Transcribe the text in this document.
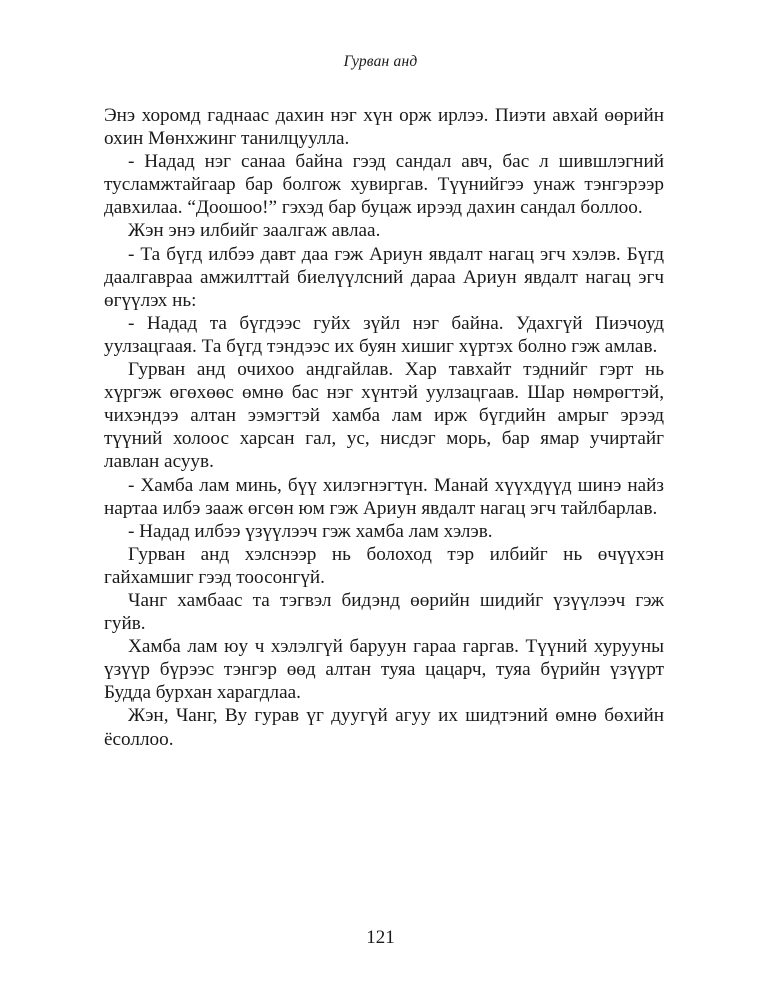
Гурван анд

Энэ хоромд гаднаас дахин нэг хүн орж ирлээ. Пиэти авхай өөрийн охин Мөнхжинг танилцуулла.

- Надад нэг санаа байна гээд сандал авч, бас л шившлэгний тусламжтайгаар бар болгож хувиргав. Түүнийгээ унаж тэнгэрээр давхилаа. “Доошоо!” гэхэд бар буцаж ирээд дахин сандал боллоо.

Жэн энэ илбийг заалгаж авлаа.

- Та бүгд илбээ давт даа гэж Ариун явдалт нагац эгч хэлэв. Бүгд даалгавраа амжилттай биелүүлсний дараа Ариун явдалт нагац эгч өгүүлэх нь:

- Надад та бүгдээс гуйх зүйл нэг байна. Удахгүй Пиэчоуд уулзацгаая. Та бүгд тэндээс их буян хишиг хүртэх болно гэж амлав.

Гурван анд очихоо андгайлав. Хар тавхайт тэднийг гэрт нь хүргэж өгөхөөс өмнө бас нэг хүнтэй уулзацгаав. Шар нөмрөгтэй, чихэндээ алтан ээмэгтэй хамба лам ирж бүгдийн амрыг эрээд түүний холоос харсан гал, ус, нисдэг морь, бар ямар учиртайг лавлан асуув.

- Хамба лам минь, бүү хилэгнэгтүн. Манай хүүхдүүд шинэ найз нартаа илбэ зааж өгсөн юм гэж Ариун явдалт нагац эгч тайлбарлав.

- Надад илбээ үзүүлээч гэж хамба лам хэлэв.

Гурван анд хэлснээр нь болоход тэр илбийг нь өчүүхэн гайхамшиг гээд тоосонгүй.

Чанг хамбаас та тэгвэл бидэнд өөрийн шидийг үзүүлээч гэж гуйв.

Хамба лам юу ч хэлэлгүй баруун гараа гаргав. Түүний хурууны үзүүр бүрээс тэнгэр өөд алтан туяа цацарч, туяа бүрийн үзүүрт Будда бурхан харагдлаа.

Жэн, Чанг, Ву гурав үг дуугүй агуу их шидтэний өмнө бөхийн ёсоллоо.

121
